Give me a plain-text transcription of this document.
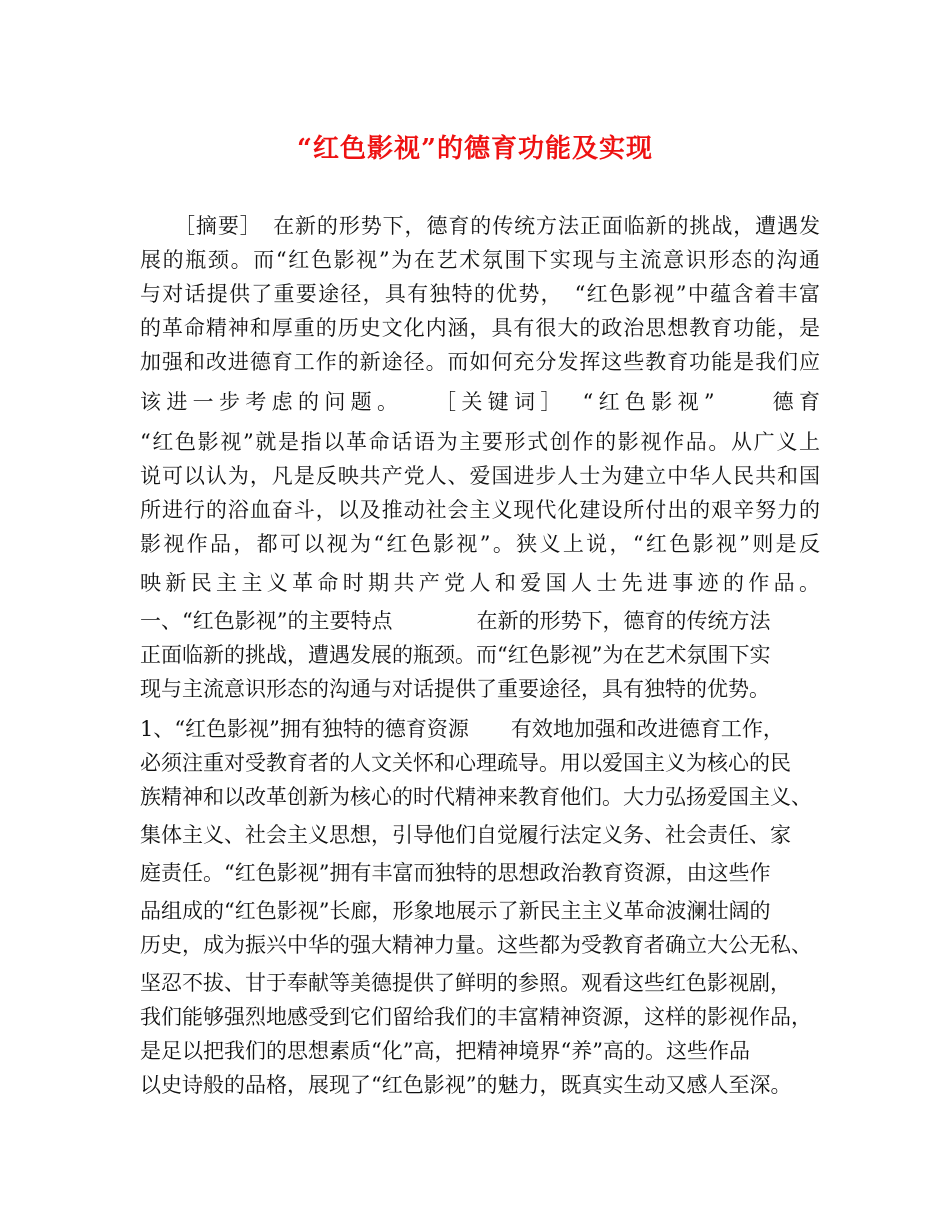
“红色影视”的德育功能及实现
［摘要］　在新的形势下，德育的传统方法正面临新的挑战，遭遇发
展的瓶颈。而“红色影视”为在艺术氛围下实现与主流意识形态的沟通
与对话提供了重要途径，具有独特的优势，　“红色影视”中蕴含着丰富
的革命精神和厚重的历史文化内涵，具有很大的政治思想教育功能，是
加强和改进德育工作的新途径。而如何充分发挥这些教育功能是我们应
该进一步考虑的问题。　　［关键词］　“红色影视”　　德育
“红色影视”就是指以革命话语为主要形式创作的影视作品。从广义上
说可以认为，凡是反映共产党人、爱国进步人士为建立中华人民共和国
所进行的浴血奋斗，以及推动社会主义现代化建设所付出的艰辛努力的
影视作品，都可以视为“红色影视”。狭义上说，“红色影视”则是反
映新民主主义革命时期共产党人和爱国人士先进事迹的作品。
一、“红色影视”的主要特点　　　　在新的形势下，德育的传统方法
正面临新的挑战，遭遇发展的瓶颈。而“红色影视”为在艺术氛围下实
现与主流意识形态的沟通与对话提供了重要途径，具有独特的优势。
1、“红色影视”拥有独特的德育资源　　有效地加强和改进德育工作，
必须注重对受教育者的人文关怀和心理疏导。用以爱国主义为核心的民
族精神和以改革创新为核心的时代精神来教育他们。大力弘扬爱国主义、
集体主义、社会主义思想，引导他们自觉履行法定义务、社会责任、家
庭责任。“红色影视”拥有丰富而独特的思想政治教育资源，由这些作
品组成的“红色影视”长廊，形象地展示了新民主主义革命波澜壮阔的
历史，成为振兴中华的强大精神力量。这些都为受教育者确立大公无私、
坚忍不拔、甘于奉献等美德提供了鲜明的参照。观看这些红色影视剧，
我们能够强烈地感受到它们留给我们的丰富精神资源，这样的影视作品，
是足以把我们的思想素质“化”高，把精神境界“养”高的。这些作品
以史诗般的品格，展现了“红色影视”的魅力，既真实生动又感人至深。
